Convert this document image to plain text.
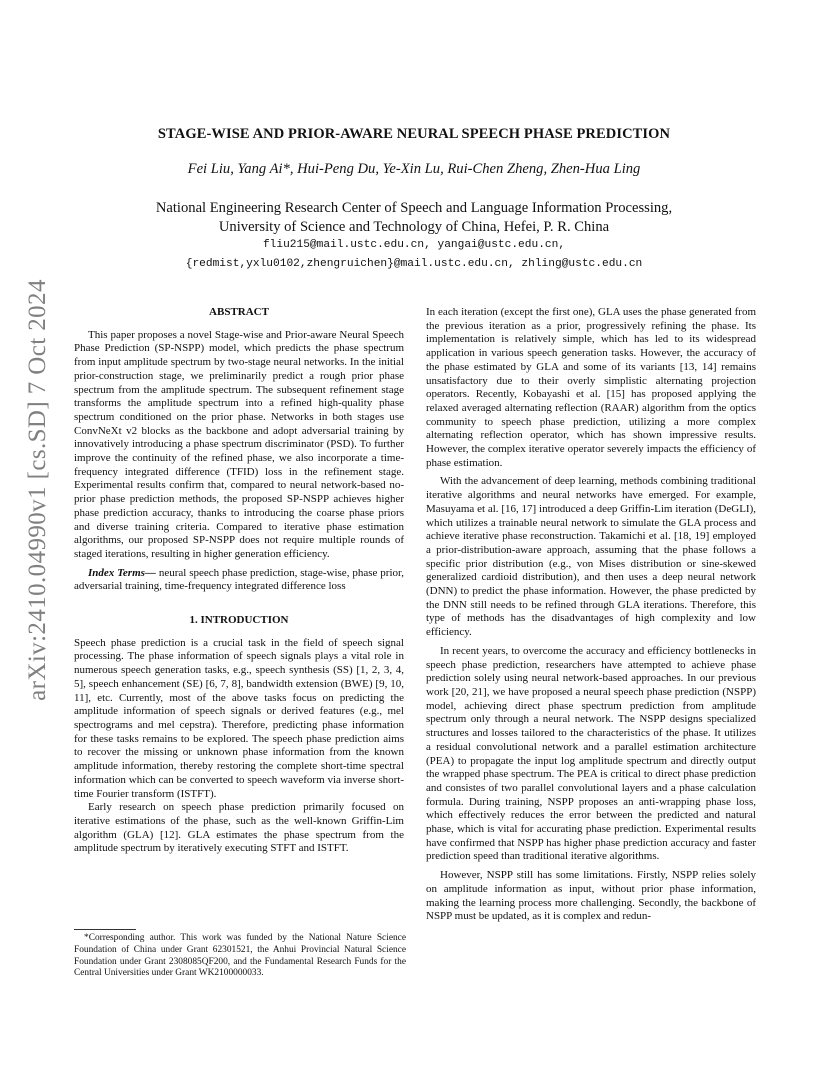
STAGE-WISE AND PRIOR-AWARE NEURAL SPEECH PHASE PREDICTION
Fei Liu, Yang Ai*, Hui-Peng Du, Ye-Xin Lu, Rui-Chen Zheng, Zhen-Hua Ling
National Engineering Research Center of Speech and Language Information Processing,
University of Science and Technology of China, Hefei, P. R. China
fliu215@mail.ustc.edu.cn, yangai@ustc.edu.cn,
{redmist,yxlu0102,zhengruichen}@mail.ustc.edu.cn, zhling@ustc.edu.cn
arXiv:2410.04990v1 [cs.SD] 7 Oct 2024	ABSTRACT

This paper proposes a novel Stage-wise and Prior-aware Neural Speech Phase Prediction (SP-NSPP) model, which predicts the phase spectrum from input amplitude spectrum by two-stage neural networks. In the initial prior-construction stage, we preliminarily predict a rough prior phase spectrum from the amplitude spectrum. The subsequent refinement stage transforms the amplitude spectrum into a refined high-quality phase spectrum conditioned on the prior phase. Networks in both stages use ConvNeXt v2 blocks as the backbone and adopt adversarial training by innovatively introducing a phase spectrum discriminator (PSD). To further improve the continuity of the refined phase, we also incorporate a time-frequency integrated difference (TFID) loss in the refinement stage. Experimental results confirm that, compared to neural network-based no-prior phase prediction methods, the proposed SP-NSPP achieves higher phase prediction accuracy, thanks to introducing the coarse phase priors and diverse training criteria. Compared to iterative phase estimation algorithms, our proposed SP-NSPP does not require multiple rounds of staged iterations, resulting in higher generation efficiency.

Index Terms— neural speech phase prediction, stage-wise, phase prior, adversarial training, time-frequency integrated difference loss

1. INTRODUCTION

Speech phase prediction is a crucial task in the field of speech signal processing. The phase information of speech signals plays a vital role in numerous speech generation tasks, e.g., speech synthesis (SS) [1, 2, 3, 4, 5], speech enhancement (SE) [6, 7, 8], bandwidth extension (BWE) [9, 10, 11], etc. Currently, most of the above tasks focus on predicting the amplitude information of speech signals or derived features (e.g., mel spectrograms and mel cepstra). Therefore, predicting phase information for these tasks remains to be explored. The speech phase prediction aims to recover the missing or unknown phase information from the known amplitude information, thereby restoring the complete short-time spectral information which can be converted to speech waveform via inverse short-time Fourier transform (ISTFT).

Early research on speech phase prediction primarily focused on iterative estimations of the phase, such as the well-known Griffin-Lim algorithm (GLA) [12]. GLA estimates the phase spectrum from the amplitude spectrum by iteratively executing STFT and ISTFT.

*Corresponding author. This work was funded by the National Nature Science Foundation of China under Grant 62301521, the Anhui Provincial Natural Science Foundation under Grant 2308085QF200, and the Fundamental Research Funds for the Central Universities under Grant WK2100000033.

In each iteration (except the first one), GLA uses the phase generated from the previous iteration as a prior, progressively refining the phase. Its implementation is relatively simple, which has led to its widespread application in various speech generation tasks. However, the accuracy of the phase estimated by GLA and some of its variants [13, 14] remains unsatisfactory due to their overly simplistic alternating projection operators. Recently, Kobayashi et al. [15] has proposed applying the relaxed averaged alternating reflection (RAAR) algorithm from the optics community to speech phase prediction, utilizing a more complex alternating reflection operator, which has shown impressive results. However, the complex iterative operator severely impacts the efficiency of phase estimation.

With the advancement of deep learning, methods combining traditional iterative algorithms and neural networks have emerged. For example, Masuyama et al. [16, 17] introduced a deep Griffin-Lim iteration (DeGLI), which utilizes a trainable neural network to simulate the GLA process and achieve iterative phase reconstruction. Takamichi et al. [18, 19] employed a prior-distribution-aware approach, assuming that the phase follows a specific prior distribution (e.g., von Mises distribution or sine-skewed generalized cardioid distribution), and then uses a deep neural network (DNN) to predict the phase information. However, the phase predicted by the DNN still needs to be refined through GLA iterations. Therefore, this type of methods has the disadvantages of high complexity and low efficiency.

In recent years, to overcome the accuracy and efficiency bottlenecks in speech phase prediction, researchers have attempted to achieve phase prediction solely using neural network-based approaches. In our previous work [20, 21], we have proposed a neural speech phase prediction (NSPP) model, achieving direct phase spectrum prediction from amplitude spectrum only through a neural network. The NSPP designs specialized structures and losses tailored to the characteristics of the phase. It utilizes a residual convolutional network and a parallel estimation architecture (PEA) to propagate the input log amplitude spectrum and directly output the wrapped phase spectrum. The PEA is critical to direct phase prediction and consistes of two parallel convolutional layers and a phase calculation formula. During training, NSPP proposes an anti-wrapping phase loss, which effectively reduces the error between the predicted and natural phase, which is vital for accurating phase prediction. Experimental results have confirmed that NSPP has higher phase prediction accuracy and faster prediction speed than traditional iterative algorithms.

However, NSPP still has some limitations. Firstly, NSPP relies solely on amplitude information as input, without prior phase information, making the learning process more challenging. Secondly, the backbone of NSPP must be updated, as it is complex and redun-
